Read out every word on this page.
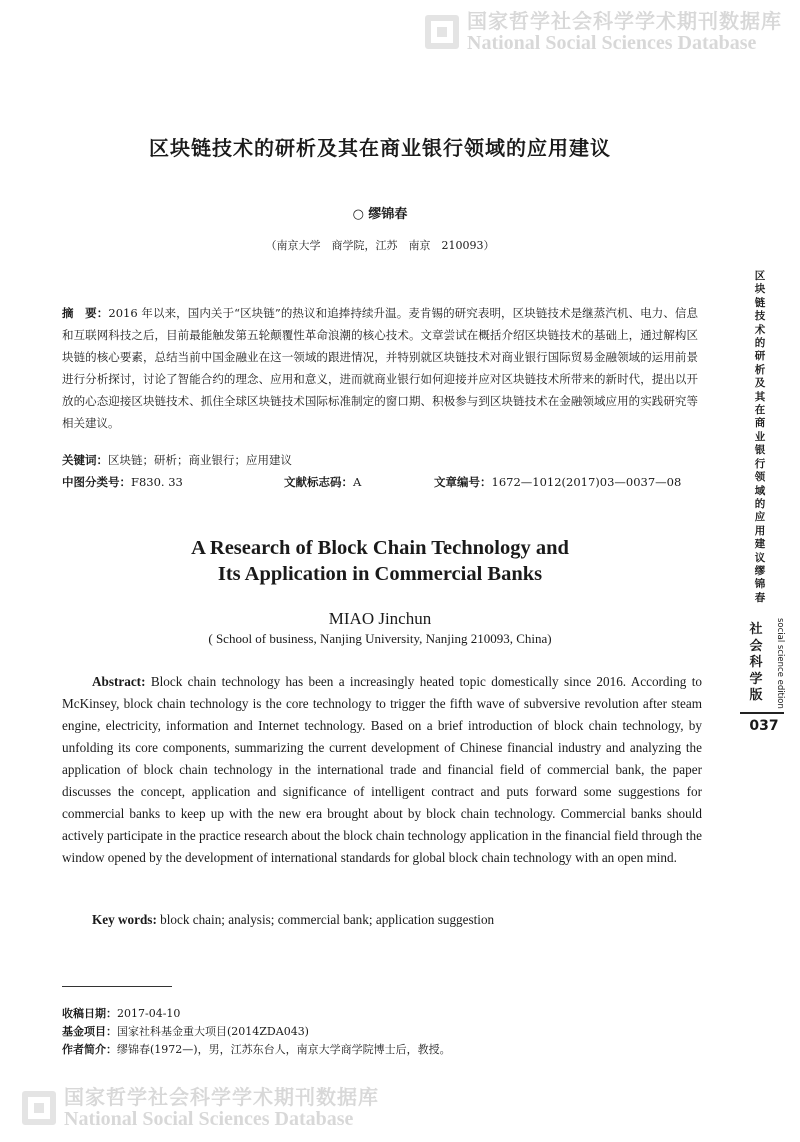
国家哲学社会科学学术期刊数据库
National Social Sciences Database
区块链技术的研析及其在商业银行领域的应用建议
○ 缪锦春
（南京大学　商学院，江苏　南京　210093）
摘　要：2016 年以来，国内关于“区块链”的热议和追捧持续升温。麦肯锡的研究表明，区块链技术是继蒸汽机、电力、信息和互联网科技之后，目前最能触发第五轮颠覆性革命浪潮的核心技术。文章尝试在概括介绍区块链技术的基础上，通过解构区块链的核心要素，总结当前中国金融业在这一领域的跟进情况，并特别就区块链技术对商业银行国际贸易金融领域的运用前景进行分析探讨，讨论了智能合约的理念、应用和意义，进而就商业银行如何迎接并应对区块链技术所带来的新时代，提出以开放的心态迎接区块链技术、抓住全球区块链技术国际标准制定的窗口期、积极参与到区块链技术在金融领域应用的实践研究等相关建议。
关键词：区块链；研析；商业银行；应用建议
中图分类号：F830. 33	文献标志码：A	文章编号：1672—1012(2017)03—0037—08
A Research of Block Chain Technology and
Its Application in Commercial Banks
MIAO Jinchun
( School of business, Nanjing University, Nanjing 210093, China)
Abstract: Block chain technology has been a increasingly heated topic domestically since 2016. According to McKinsey, block chain technology is the core technology to trigger the fifth wave of subversive revolution after steam engine, electricity, information and Internet technology. Based on a brief introduction of block chain technology, by unfolding its core components, summarizing the current development of Chinese financial industry and analyzing the application of block chain technology in the international trade and financial field of commercial bank, the paper discusses the concept, application and significance of intelligent contract and puts forward some suggestions for commercial banks to keep up with the new era brought about by block chain technology. Commercial banks should actively participate in the practice research about the block chain technology application in the financial field through the window opened by the development of international standards for global block chain technology with an open mind.
Key words: block chain; analysis; commercial bank; application suggestion
收稿日期：2017-04-10
基金项目：国家社科基金重大项目(2014ZDA043)
作者简介：缪锦春(1972—)，男，江苏东台人，南京大学商学院博士后，教授。
国家哲学社会科学学术期刊数据库
National Social Sciences Database
区块链技术的研析及其在商业银行领域的应用建议　缪锦春
社会科学版	social science edition
037
